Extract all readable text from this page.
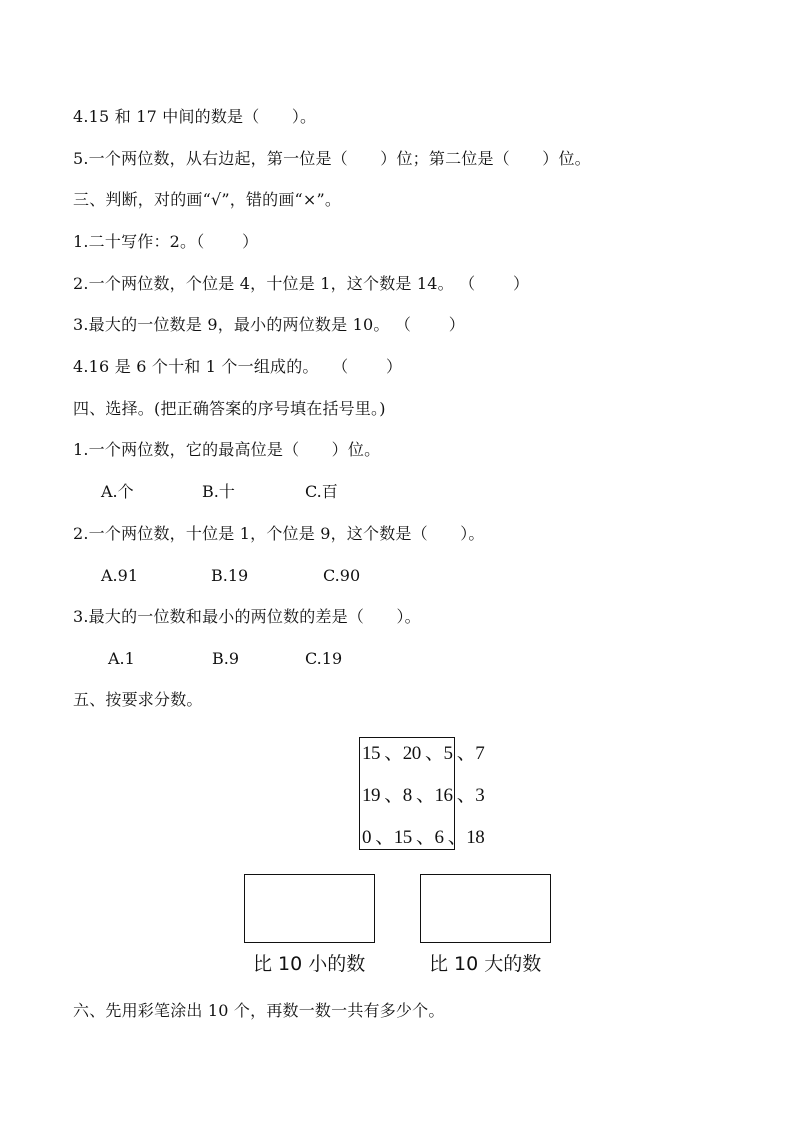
4.15 和 17 中间的数是（　　）。
5.一个两位数，从右边起，第一位是（　　）位；第二位是（　　）位。
三、判断，对的画“√”，错的画“×”。
1.二十写作：2。（　　 ）
2.一个两位数，个位是 4，十位是 1，这个数是 14。 （　　 ）
3.最大的一位数是 9，最小的两位数是 10。 （　　 ）
4.16 是 6 个十和 1 个一组成的。　 （　　 ）
四、选择。(把正确答案的序号填在括号里。)
1.一个两位数，它的最高位是（　　）位。
A.个	B.十	C.百
2.一个两位数，十位是 1，个位是 9，这个数是（　　）。
A.91	B.19	C.90
3.最大的一位数和最小的两位数的差是（　　）。
A.1	B.9	C.19
五、按要求分数。
15 、20 、5 、7
19 、8 、16 、3
0 、15 、6 、18
比 10 小的数	比 10 大的数
六、先用彩笔涂出 10 个，再数一数一共有多少个。
